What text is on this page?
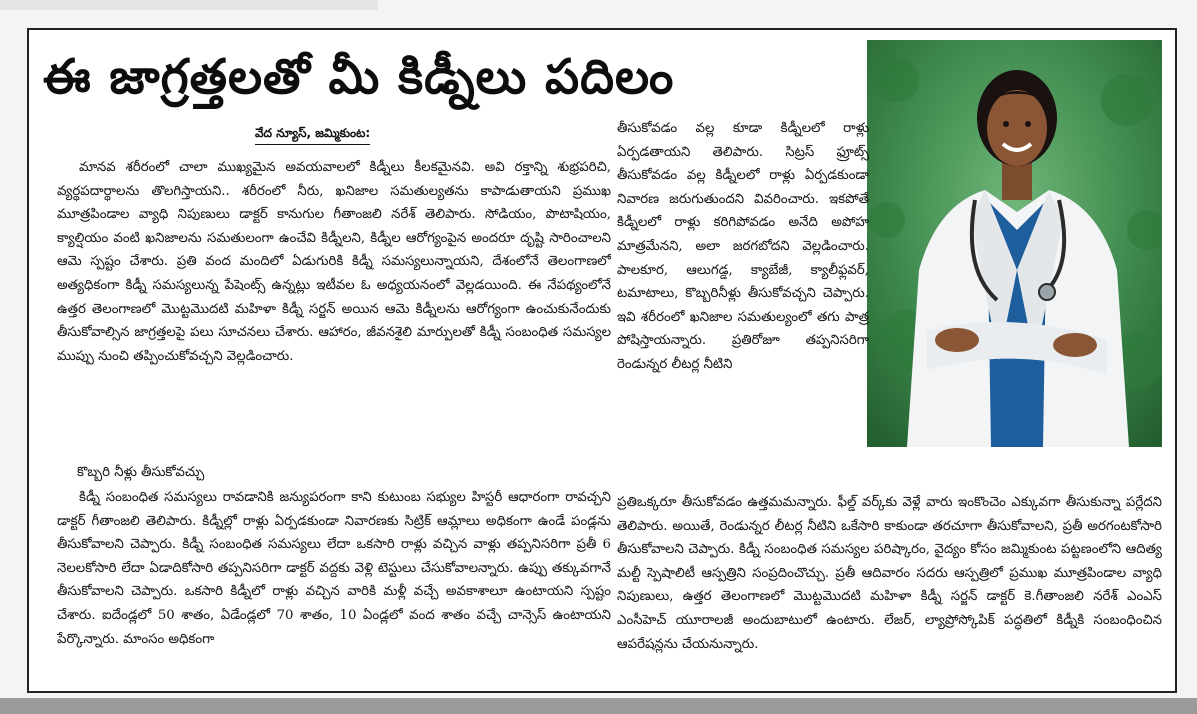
ఈ జాగ్రత్తలతో మీ కిడ్నీలు పదిలం
వేద న్యూస్, జమ్మికుంట:

మానవ శరీరంలో చాలా ముఖ్యమైన అవయవాలలో కిడ్నీలు కీలకమైనవి. అవి రక్తాన్ని శుభ్రపరిచి, వ్యర్థపదార్థాలను తొలగిస్తాయని.. శరీరంలో నీరు, ఖనిజాల సమతుల్యతను కాపాడుతాయని ప్రముఖ మూత్రపిండాల వ్యాధి నిపుణులు డాక్టర్ కానుగుల గీతాంజలి నరేశ్ తెలిపారు. సోడియం, పొటాషియం, క్యాల్షియం వంటి ఖనిజాలను సమతులంగా ఉంచేవి కిడ్నీలని, కిడ్నీల ఆరోగ్యంపైన అందరూ దృష్టి సారించాలని ఆమె స్పష్టం చేశారు. ప్రతి వంద మందిలో ఏడుగురికి కిడ్నీ సమస్యలున్నాయని, దేశంలోనే తెలంగాణలో అత్యధికంగా కిడ్నీ సమస్యలున్న పేషెంట్స్ ఉన్నట్లు ఇటీవల ఓ అధ్యయనంలో వెల్లడయింది. ఈ నేపథ్యంలోనే ఉత్తర తెలంగాణలో మొట్టమొదటి మహిళా కిడ్నీ సర్జన్ అయిన ఆమె కిడ్నీలను ఆరోగ్యంగా ఉంచుకునేందుకు తీసుకోవాల్సిన జాగ్రత్తలపై పలు సూచనలు చేశారు. ఆహారం, జీవనశైలి మార్పులతో కిడ్నీ సంబంధిత సమస్యల ముప్పు నుంచి తప్పించుకోవచ్చని వెల్లడించారు.

కొబ్బరి నీళ్లు తీసుకోవచ్చు

కిడ్నీ సంబంధిత సమస్యలు రావడానికి జన్యుపరంగా కాని కుటుంబ సభ్యుల హిస్టరీ ఆధారంగా రావచ్చని డాక్టర్ గీతాంజలి తెలిపారు. కిడ్నీల్లో రాళ్లు ఏర్పడకుండా నివారణకు సిట్రిక్ ఆమ్లాలు అధికంగా ఉండే పండ్లను తీసుకోవాలని చెప్పారు. కిడ్నీ సంబంధిత సమస్యలు లేదా ఒకసారి రాళ్లు వచ్చిన వాళ్లు తప్పనిసరిగా ప్రతీ 6 నెలలకోసారి లేదా ఏడాదికోసారి తప్పనిసరిగా డాక్టర్ వద్దకు వెళ్లి టెస్టులు చేసుకోవాలన్నారు. ఉప్పు తక్కువగానే తీసుకోవాలని చెప్పారు. ఒకసారి కిడ్నీలో రాళ్లు వచ్చిన వారికి మళ్లీ వచ్చే అవకాశాలూ ఉంటాయని స్పష్టం చేశారు. ఐదేండ్లలో 50 శాతం, ఏడేండ్లలో 70 శాతం, 10 ఏండ్లలో వంద శాతం వచ్చే చాన్సెస్ ఉంటాయని పేర్కొన్నారు. మాంసం అధికంగా

తీసుకోవడం వల్ల కూడా కిడ్నీలలో రాళ్లు ఏర్పడతాయని తెలిపారు. సిట్రస్ ఫ్రూట్స్ తీసుకోవడం వల్ల కిడ్నీలలో రాళ్లు ఏర్పడకుండా నివారణ జరుగుతుందని వివరించారు. ఇకపోతే కిడ్నీలలో రాళ్లు కరిగిపోవడం అనేది అపోహ మాత్రమేనని, అలా జరగబోదని వెల్లడించారు. పాలకూర, ఆలుగడ్డ, క్యాబేజీ, క్యాలీఫ్లవర్, టమాటాలు, కొబ్బరినీళ్లు తీసుకోవచ్చని చెప్పారు. ఇవి శరీరంలో ఖనిజాల సమతుల్యంలో తగు పాత్ర పోషిస్తాయన్నారు. ప్రతిరోజూ తప్పనిసరిగా రెండున్నర లీటర్ల నీటిని

ప్రతిఒక్కరూ తీసుకోవడం ఉత్తమమన్నారు. ఫీల్డ్ వర్క్‌కు వెళ్లే వారు ఇంకొంచెం ఎక్కువగా తీసుకున్నా పర్లేదని తెలిపారు. అయితే, రెండున్నర లీటర్ల నీటిని ఒకేసారి కాకుండా తరచూగా తీసుకోవాలని, ప్రతీ అరగంటకోసారి తీసుకోవాలని చెప్పారు. కిడ్నీ సంబంధిత సమస్యల పరిష్కారం, వైద్యం కోసం జమ్మికుంట పట్టణంలోని ఆదిత్య మల్టీ స్పెషాలిటీ ఆస్పత్రిని సంప్రదించొచ్చు. ప్రతీ ఆదివారం సదరు ఆస్పత్రిలో ప్రముఖ మూత్రపిండాల వ్యాధి నిపుణులు, ఉత్తర తెలంగాణలో మొట్టమొదటి మహిళా కిడ్నీ సర్జన్ డాక్టర్ కె.గీతాంజలి నరేశ్ ఎంఎస్ ఎంసీహెచ్ యూరాలజీ అందుబాటులో ఉంటారు. లేజర్, ల్యాప్రోస్కోపిక్ పద్ధతిలో కిడ్నీకి సంబంధించిన ఆపరేషన్లను చేయనున్నారు.
